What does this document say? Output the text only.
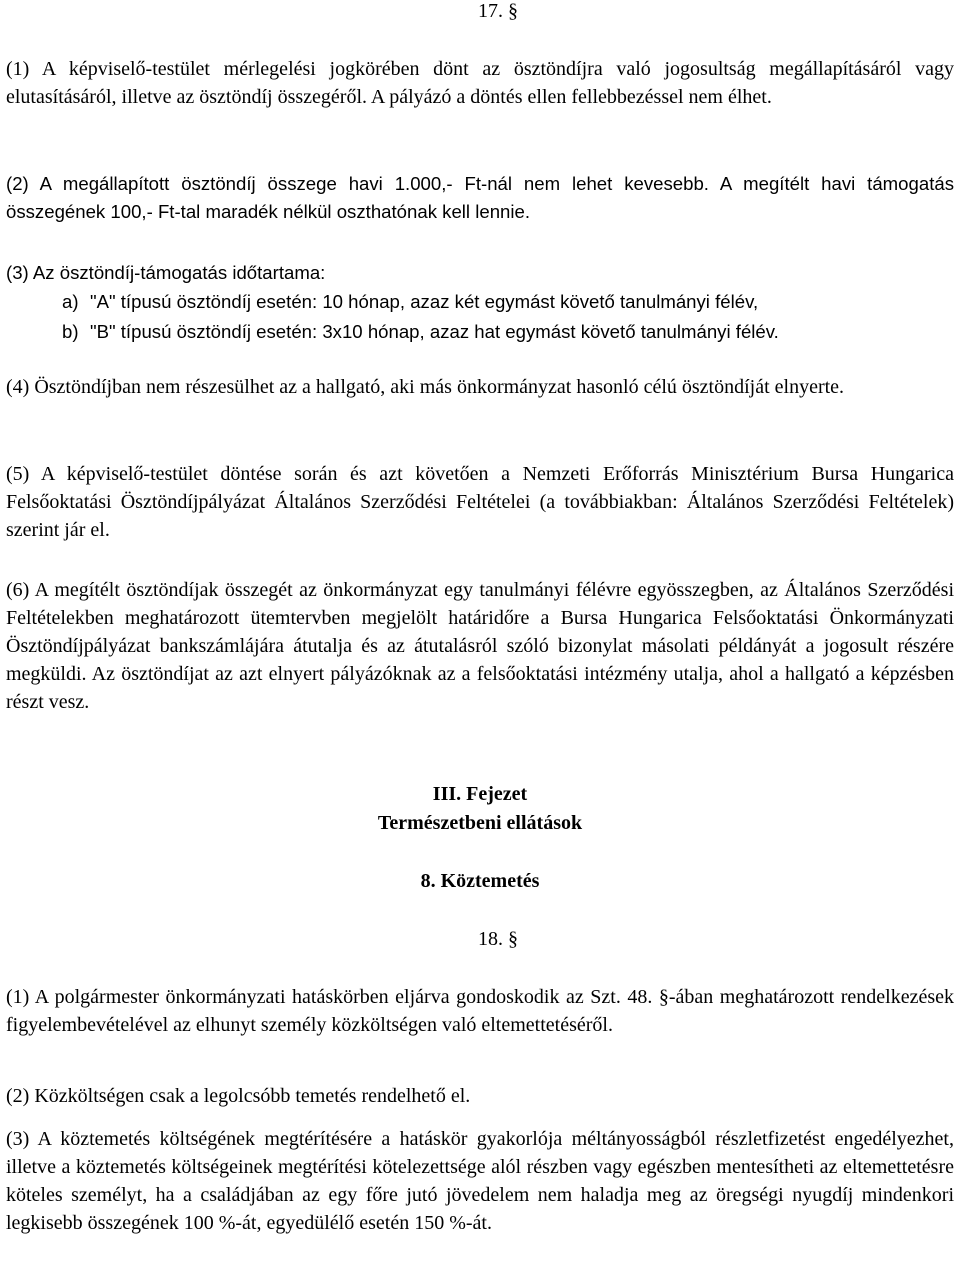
17. §

(1) A képviselő-testület mérlegelési jogkörében dönt az ösztöndíjra való jogosultság megállapításáról vagy elutasításáról, illetve az ösztöndíj összegéről. A pályázó a döntés ellen fellebbezéssel nem élhet.

(2) A megállapított ösztöndíj összege havi 1.000,- Ft-nál nem lehet kevesebb. A megítélt havi támogatás összegének 100,- Ft-tal maradék nélkül oszthatónak kell lennie.

(3) Az ösztöndíj-támogatás időtartama:

a) "A" típusú ösztöndíj esetén: 10 hónap, azaz két egymást követő tanulmányi félév,
b) "B" típusú ösztöndíj esetén: 3x10 hónap, azaz hat egymást követő tanulmányi félév.

(4) Ösztöndíjban nem részesülhet az a hallgató, aki más önkormányzat hasonló célú ösztöndíját elnyerte.

(5) A képviselő-testület döntése során és azt követően a Nemzeti Erőforrás Minisztérium Bursa Hungarica Felsőoktatási Ösztöndíjpályázat Általános Szerződési Feltételei (a továbbiakban: Általános Szerződési Feltételek) szerint jár el.

(6) A megítélt ösztöndíjak összegét az önkormányzat egy tanulmányi félévre egyösszegben, az Általános Szerződési Feltételekben meghatározott ütemtervben megjelölt határidőre a Bursa Hungarica Felsőoktatási Önkormányzati Ösztöndíjpályázat bankszámlájára átutalja és az átutalásról szóló bizonylat másolati példányát a jogosult részére megküldi. Az ösztöndíjat az azt elnyert pályázóknak az a felsőoktatási intézmény utalja, ahol a hallgató a képzésben részt vesz.

III. Fejezet

Természetbeni ellátások

8. Köztemetés

18. §

(1) A polgármester önkormányzati hatáskörben eljárva gondoskodik az Szt. 48. §-ában meghatározott rendelkezések figyelembevételével az elhunyt személy közköltségen való eltemettetéséről.

(2) Közköltségen csak a legolcsóbb temetés rendelhető el.

(3) A köztemetés költségének megtérítésére a hatáskör gyakorlója méltányosságból részletfizetést engedélyezhet, illetve a köztemetés költségeinek megtérítési kötelezettsége alól részben vagy egészben mentesítheti az eltemettetésre köteles személyt, ha a családjában az egy főre jutó jövedelem nem haladja meg az öregségi nyugdíj mindenkori legkisebb összegének 100 %-át, egyedülélő esetén 150 %-át.
